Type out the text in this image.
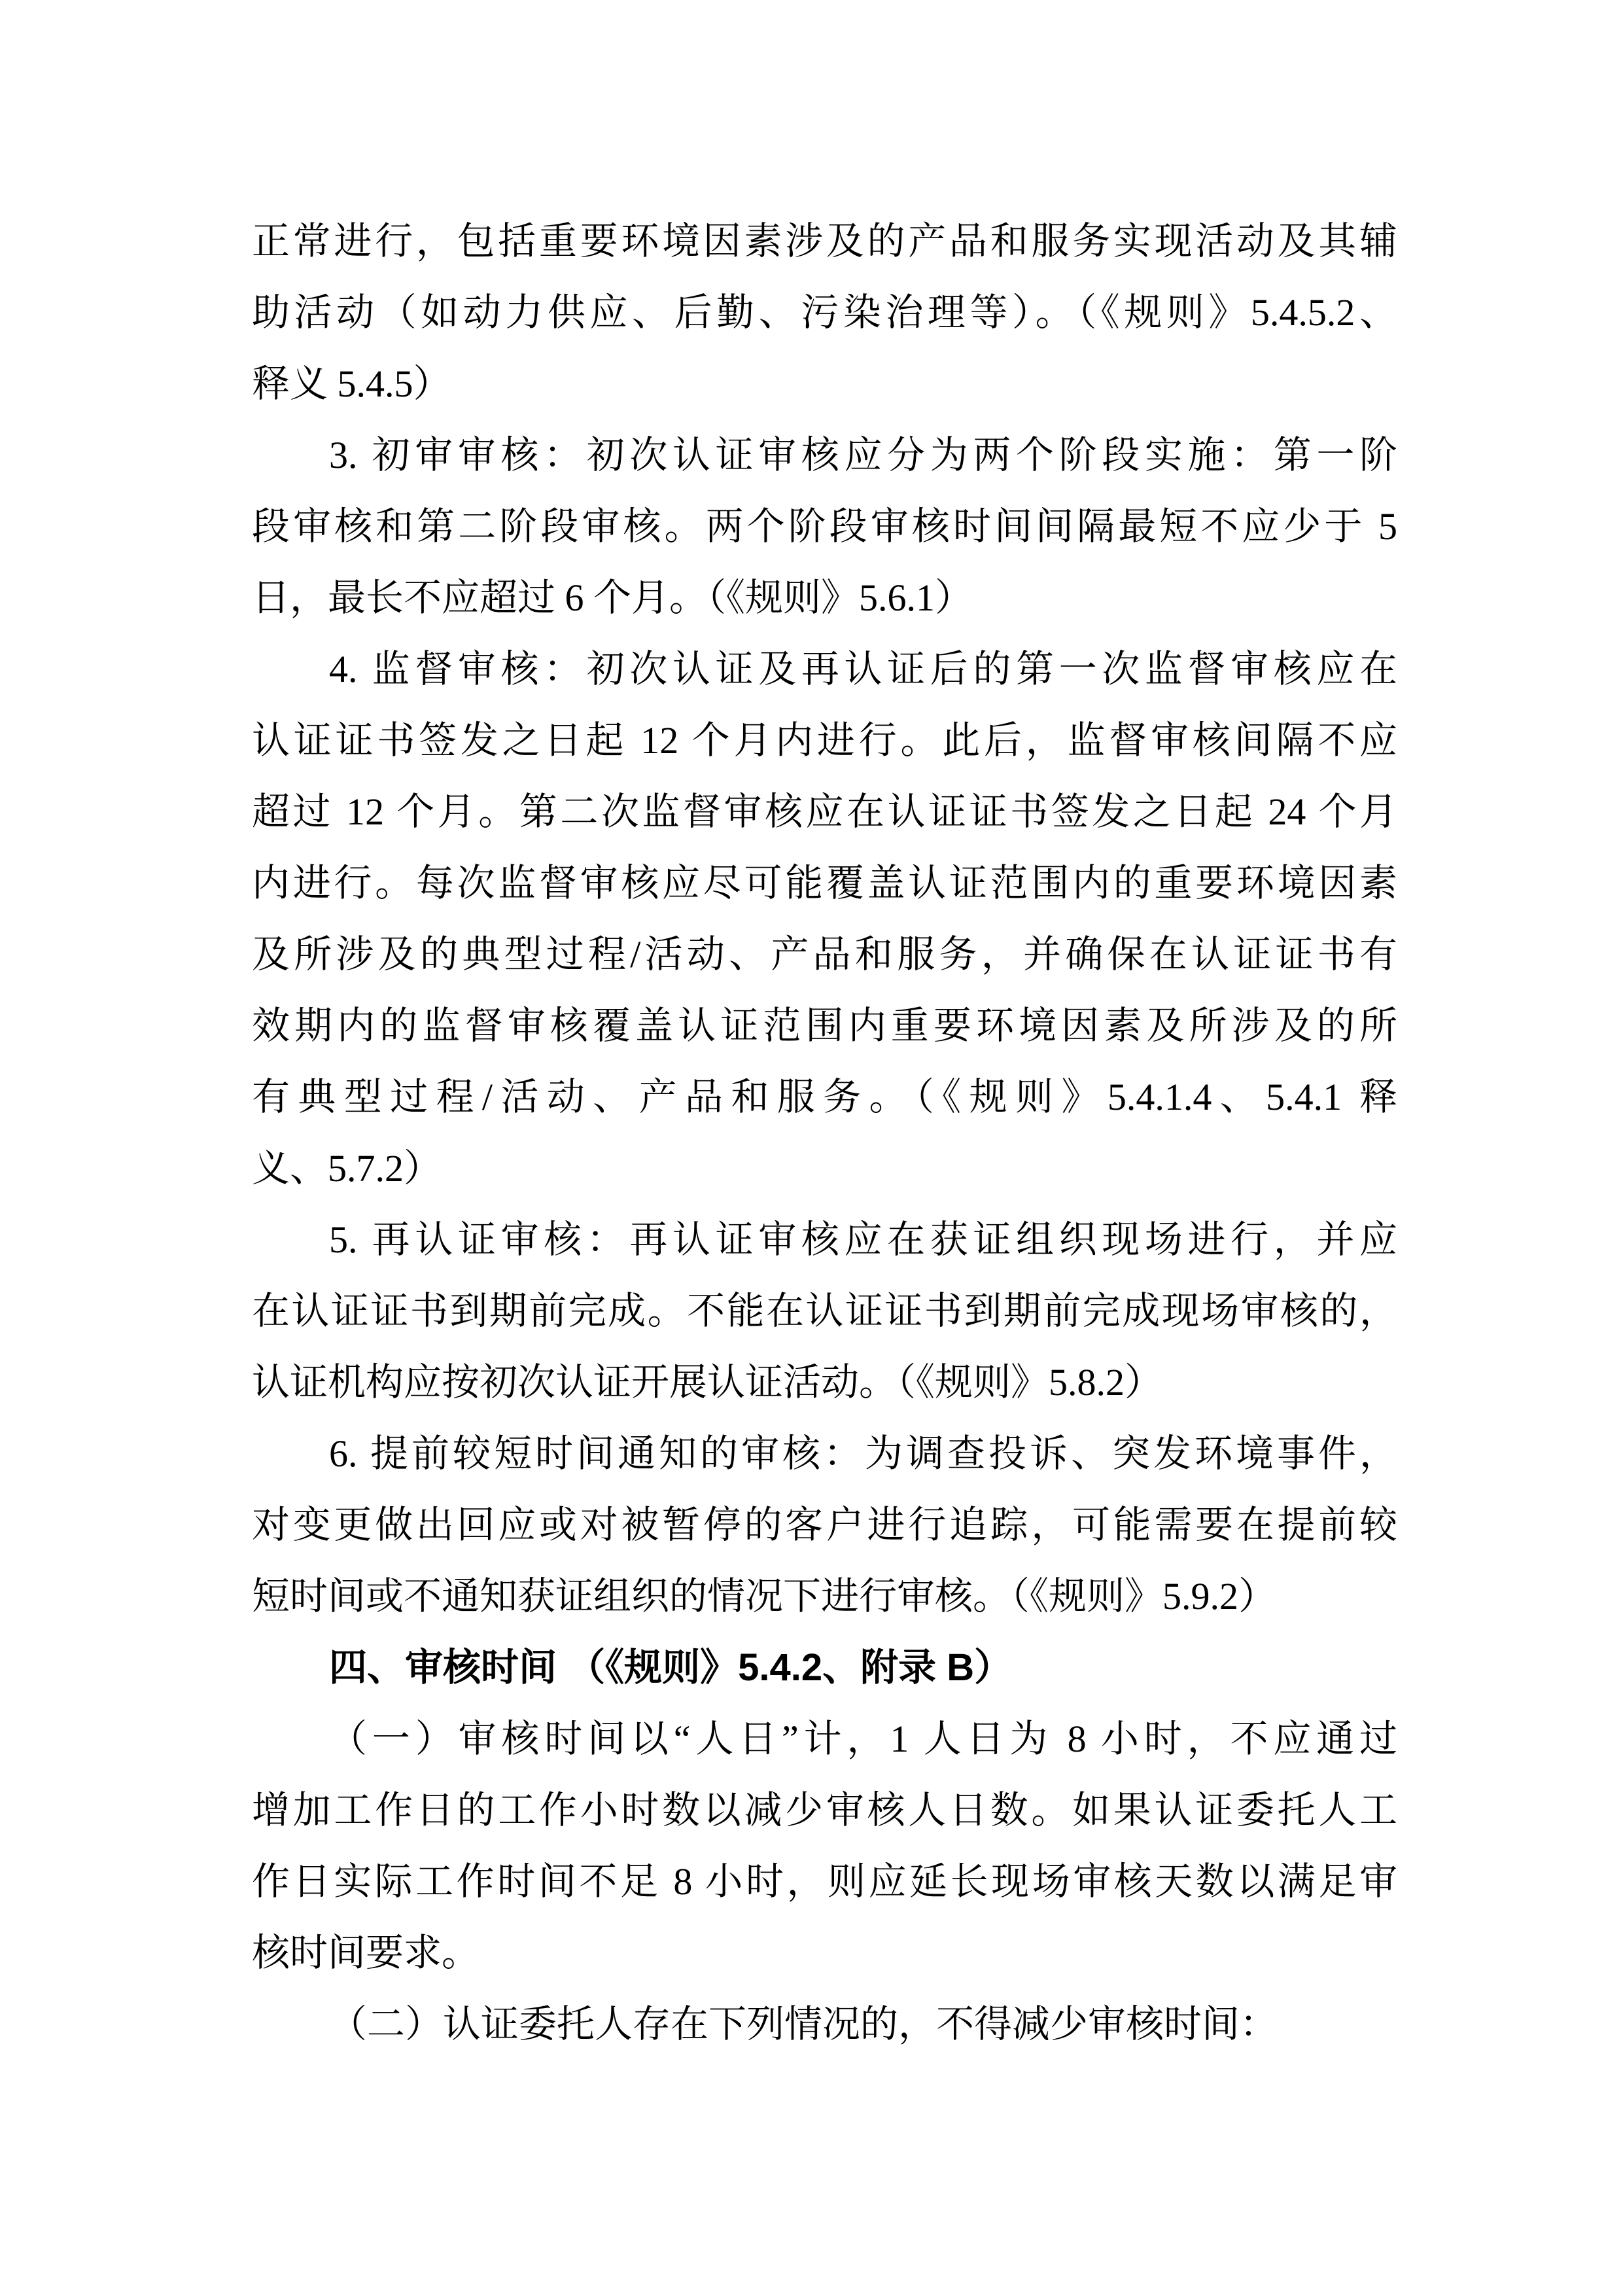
正常进行，包括重要环境因素涉及的产品和服务实现活动及其辅
助活动（如动力供应、后勤、污染治理等）。（《规则》5.4.5.2、
释义 5.4.5）
3. 初审审核：初次认证审核应分为两个阶段实施：第一阶
段审核和第二阶段审核。两个阶段审核时间间隔最短不应少于 5
日，最长不应超过 6 个月。（《规则》5.6.1）
4. 监督审核：初次认证及再认证后的第一次监督审核应在
认证证书签发之日起 12 个月内进行。此后，监督审核间隔不应
超过 12 个月。第二次监督审核应在认证证书签发之日起 24 个月
内进行。每次监督审核应尽可能覆盖认证范围内的重要环境因素
及所涉及的典型过程/活动、产品和服务，并确保在认证证书有
效期内的监督审核覆盖认证范围内重要环境因素及所涉及的所
有典型过程/活动、产品和服务。（《规则》5.4.1.4、5.4.1 释
义、5.7.2）
5. 再认证审核：再认证审核应在获证组织现场进行，并应
在认证证书到期前完成。不能在认证证书到期前完成现场审核的，
认证机构应按初次认证开展认证活动。（《规则》5.8.2）
6. 提前较短时间通知的审核：为调查投诉、突发环境事件，
对变更做出回应或对被暂停的客户进行追踪，可能需要在提前较
短时间或不通知获证组织的情况下进行审核。（《规则》5.9.2）
四、审核时间 （《规则》5.4.2、附录 B）
（一）审核时间以“人日”计，1 人日为 8 小时，不应通过
增加工作日的工作小时数以减少审核人日数。如果认证委托人工
作日实际工作时间不足 8 小时，则应延长现场审核天数以满足审
核时间要求。
（二）认证委托人存在下列情况的，不得减少审核时间：
